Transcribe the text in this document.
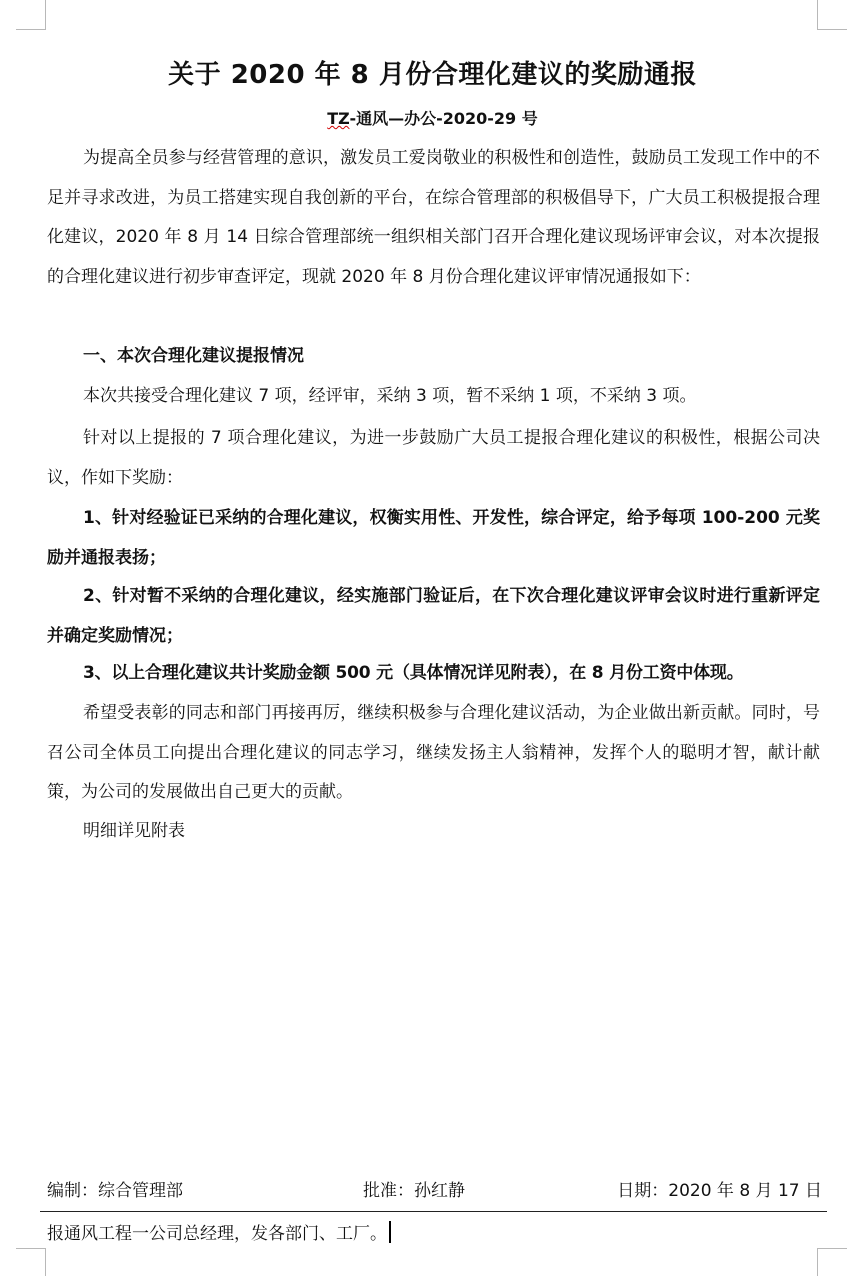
关于 2020 年 8 月份合理化建议的奖励通报
TZ-通风—办公-2020-29 号

为提高全员参与经营管理的意识，激发员工爱岗敬业的积极性和创造性，鼓励员工发现工作中的不足并寻求改进，为员工搭建实现自我创新的平台，在综合管理部的积极倡导下，广大员工积极提报合理化建议，2020 年 8 月 14 日综合管理部统一组织相关部门召开合理化建议现场评审会议，对本次提报的合理化建议进行初步审查评定，现就 2020 年 8 月份合理化建议评审情况通报如下：

一、本次合理化建议提报情况

本次共接受合理化建议 7 项，经评审，采纳 3 项，暂不采纳 1 项，不采纳 3 项。

针对以上提报的 7 项合理化建议，为进一步鼓励广大员工提报合理化建议的积极性，根据公司决议，作如下奖励：

1、针对经验证已采纳的合理化建议，权衡实用性、开发性，综合评定，给予每项 100-200 元奖励并通报表扬；

2、针对暂不采纳的合理化建议，经实施部门验证后，在下次合理化建议评审会议时进行重新评定并确定奖励情况；

3、以上合理化建议共计奖励金额 500 元（具体情况详见附表），在 8 月份工资中体现。

希望受表彰的同志和部门再接再厉，继续积极参与合理化建议活动，为企业做出新贡献。同时，号召公司全体员工向提出合理化建议的同志学习，继续发扬主人翁精神，发挥个人的聪明才智，献计献策，为公司的发展做出自己更大的贡献。

明细详见附表

编制：综合管理部	批准：孙红静	日期：2020 年 8 月 17 日
报通风工程一公司总经理，发各部门、工厂。
